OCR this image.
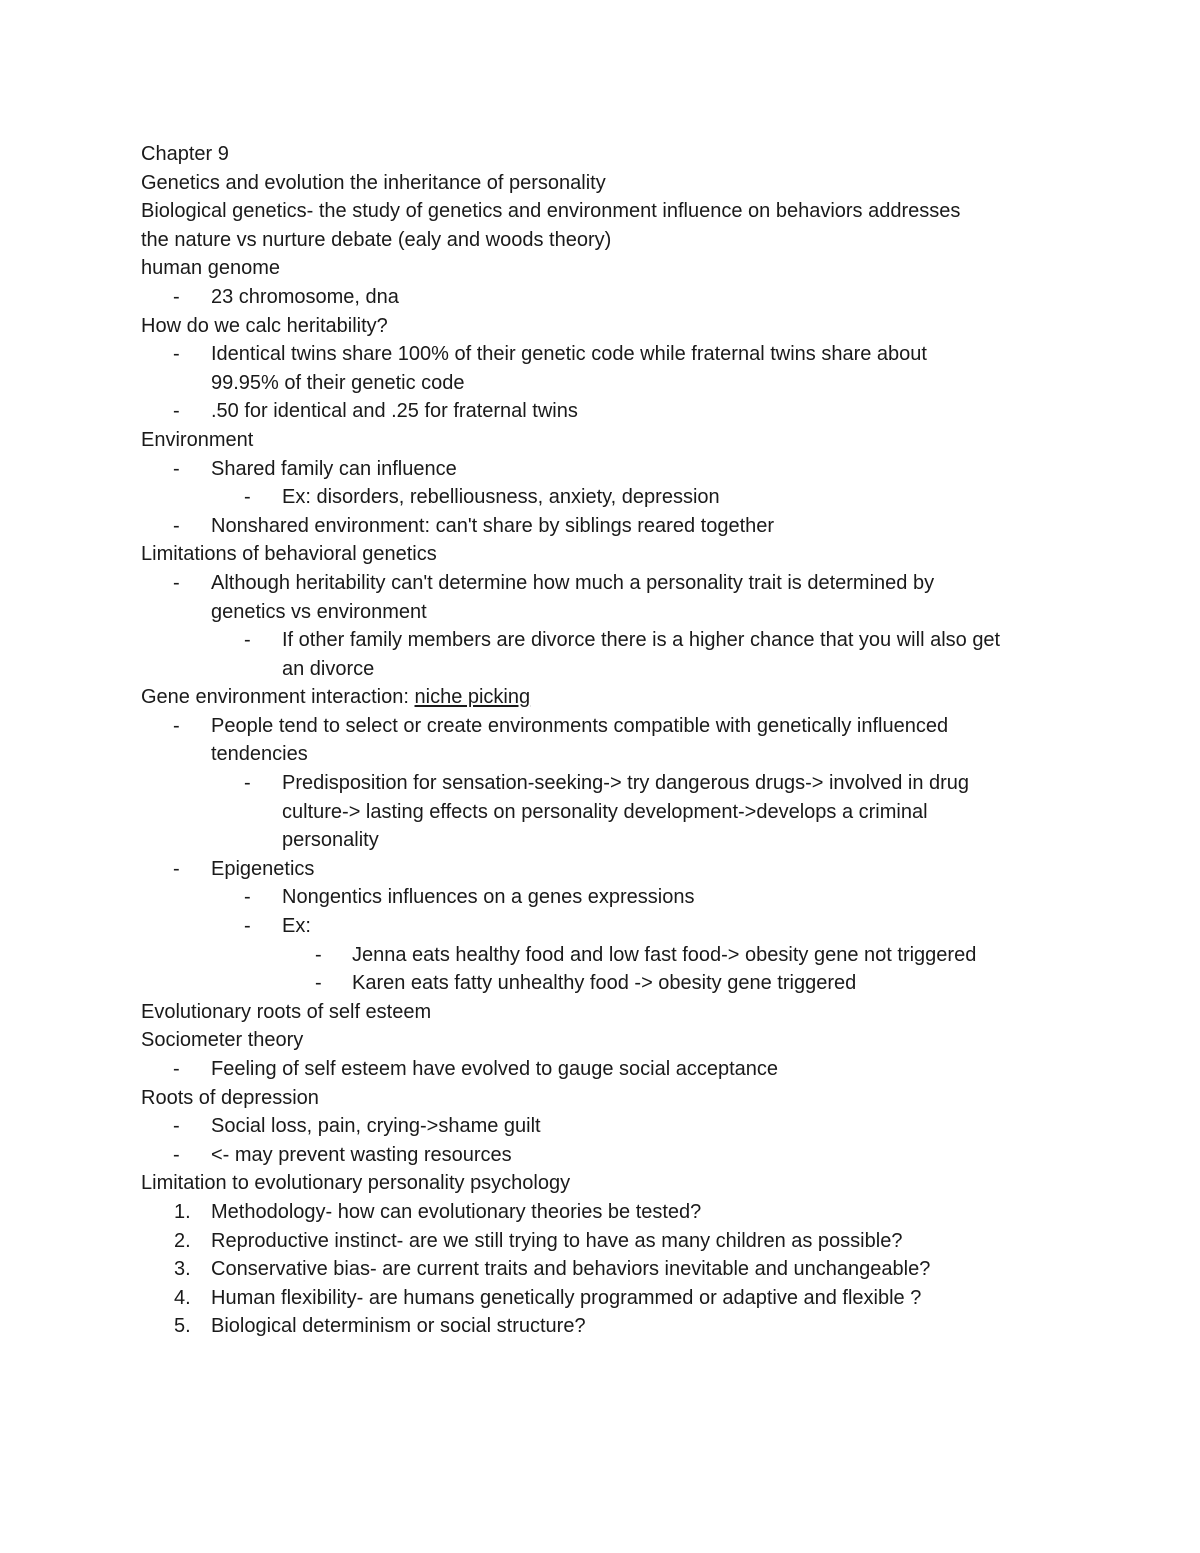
Chapter 9
Genetics and evolution the inheritance of personality
Biological genetics- the study of genetics and environment influence on behaviors addresses
the nature vs nurture debate (ealy and woods theory)
human genome
- 23 chromosome, dna
How do we calc heritability?
- Identical twins share 100% of their genetic code while fraternal twins share about
99.95% of their genetic code
- .50 for identical and .25 for fraternal twins
Environment
- Shared family can influence
- Ex: disorders, rebelliousness, anxiety, depression
- Nonshared environment: can't share by siblings reared together
Limitations of behavioral genetics
- Although heritability can't determine how much a personality trait is determined by
genetics vs environment
- If other family members are divorce there is a higher chance that you will also get
an divorce
Gene environment interaction: niche picking
- People tend to select or create environments compatible with genetically influenced
tendencies
- Predisposition for sensation-seeking-> try dangerous drugs-> involved in drug
culture-> lasting effects on personality development->develops a criminal
personality
- Epigenetics
- Nongentics influences on a genes expressions
- Ex:
- Jenna eats healthy food and low fast food-> obesity gene not triggered
- Karen eats fatty unhealthy food -> obesity gene triggered
Evolutionary roots of self esteem
Sociometer theory
- Feeling of self esteem have evolved to gauge social acceptance
Roots of depression
- Social loss, pain, crying->shame guilt
- <- may prevent wasting resources
Limitation to evolutionary personality psychology
1. Methodology- how can evolutionary theories be tested?
2. Reproductive instinct- are we still trying to have as many children as possible?
3. Conservative bias- are current traits and behaviors inevitable and unchangeable?
4. Human flexibility- are humans genetically programmed or adaptive and flexible ?
5. Biological determinism or social structure?
